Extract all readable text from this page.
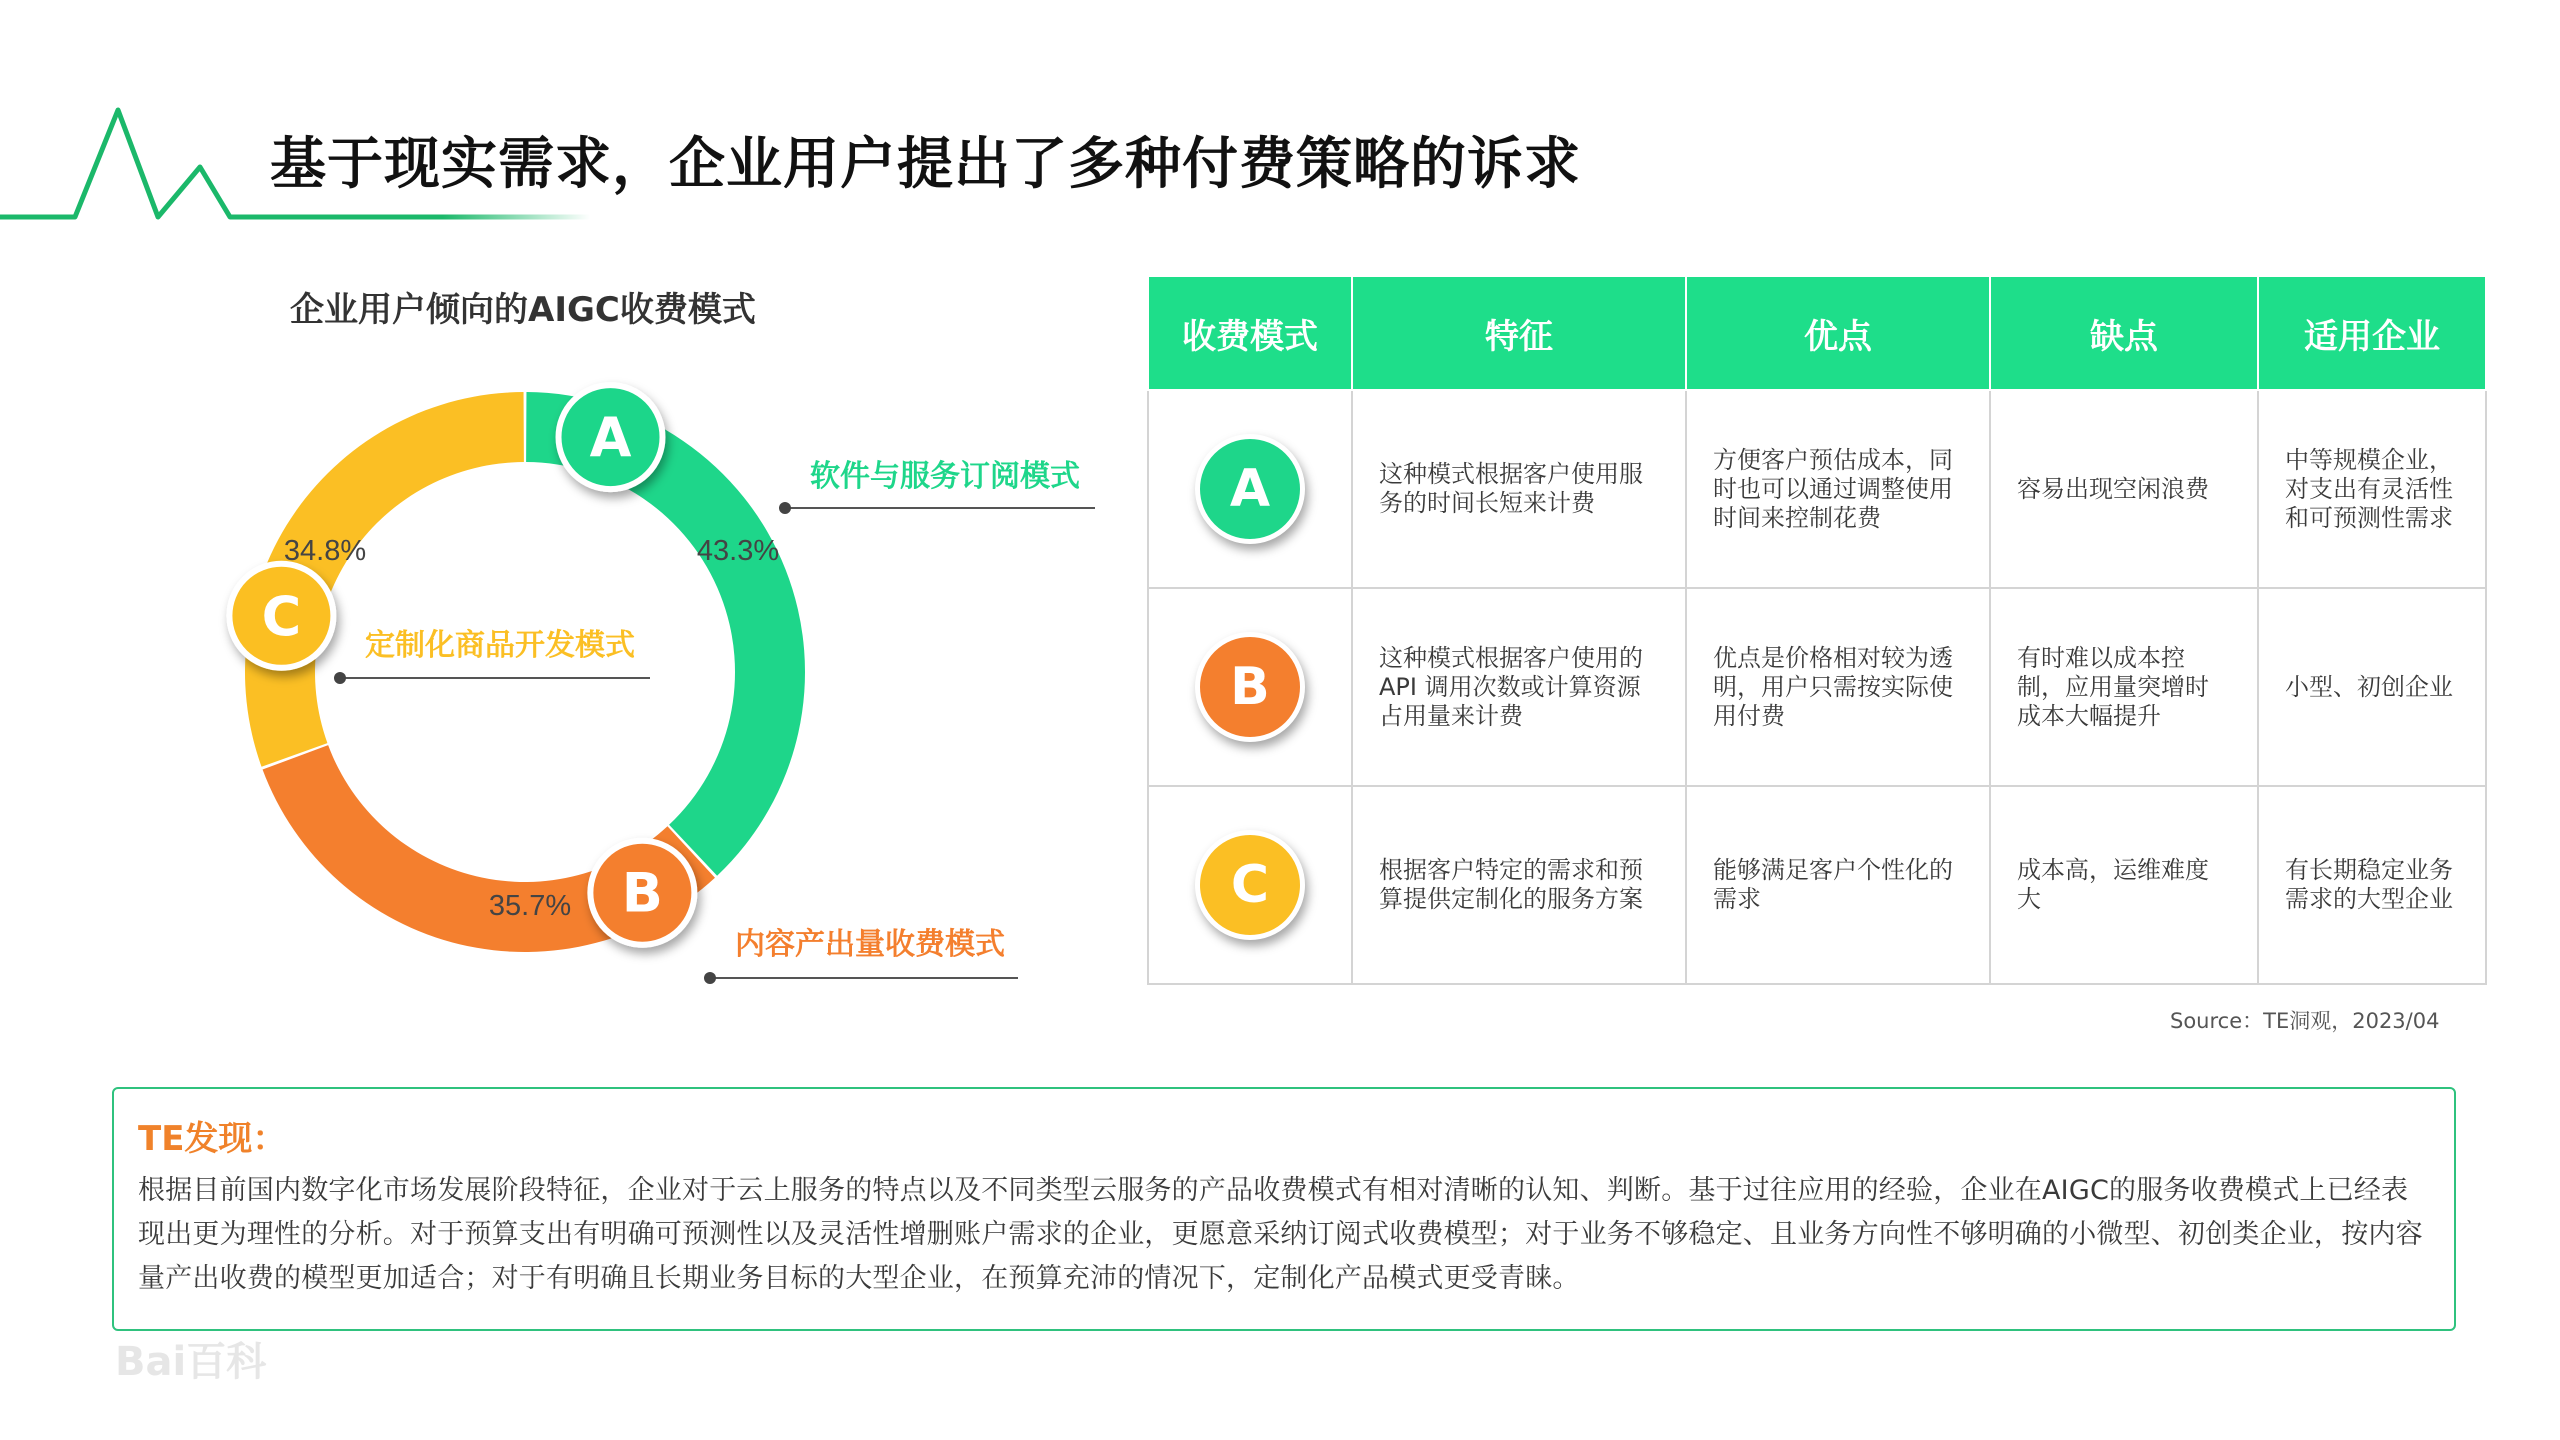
基于现实需求，企业用户提出了多种付费策略的诉求
企业用户倾向的AIGC收费模式
43.3%
35.7%
34.8%
软件与服务订阅模式
A
内容产出量收费模式
B
定制化商品开发模式
C
收费模式	特征	优点	缺点	适用企业
A	这种模式根据客户使用服务的时间长短来计费	方便客户预估成本，同时也可以通过调整使用时间来控制花费	容易出现空闲浪费	中等规模企业，对支出有灵活性和可预测性需求
B	这种模式根据客户使用的API 调用次数或计算资源占用量来计费	优点是价格相对较为透明，用户只需按实际使用付费	有时难以成本控制，应用量突增时成本大幅提升	小型、初创企业
C	根据客户特定的需求和预算提供定制化的服务方案	能够满足客户个性化的需求	成本高，运维难度大	有长期稳定业务需求的大型企业
Source：TE洞观，2023/04
TE发现：
根据目前国内数字化市场发展阶段特征，企业对于云上服务的特点以及不同类型云服务的产品收费模式有相对清晰的认知、判断。基于过往应用的经验，企业在AIGC的服务收费模式上已经表现出更为理性的分析。对于预算支出有明确可预测性以及灵活性增删账户需求的企业，更愿意采纳订阅式收费模型；对于业务不够稳定、且业务方向性不够明确的小微型、初创类企业，按内容量产出收费的模型更加适合；对于有明确且长期业务目标的大型企业，在预算充沛的情况下，定制化产品模式更受青睐。
Bai百科
